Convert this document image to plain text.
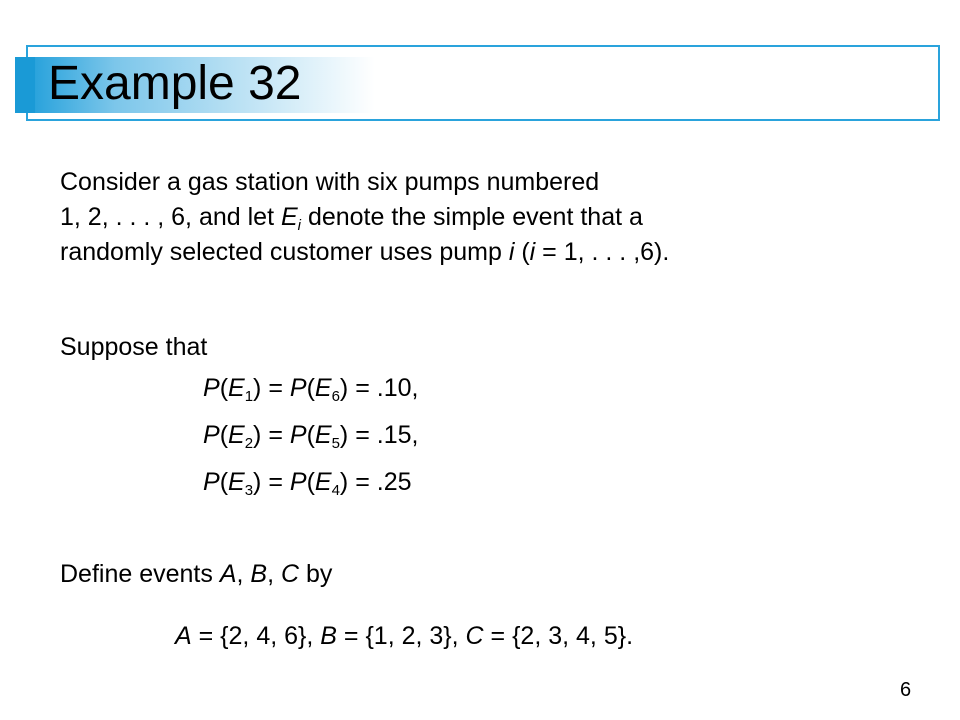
Example 32
Consider a gas station with six pumps numbered
1, 2, . . . , 6, and let $E_i$ denote the simple event that a
randomly selected customer uses pump i (i = 1, . . . ,6).
Suppose that
$P(E_1) = P(E_6) = .10$,
$P(E_2) = P(E_5) = .15$,
$P(E_3) = P(E_4) = .25$
Define events A, B, C by
A = {2, 4, 6}, B = {1, 2, 3}, C = {2, 3, 4, 5}.
6
